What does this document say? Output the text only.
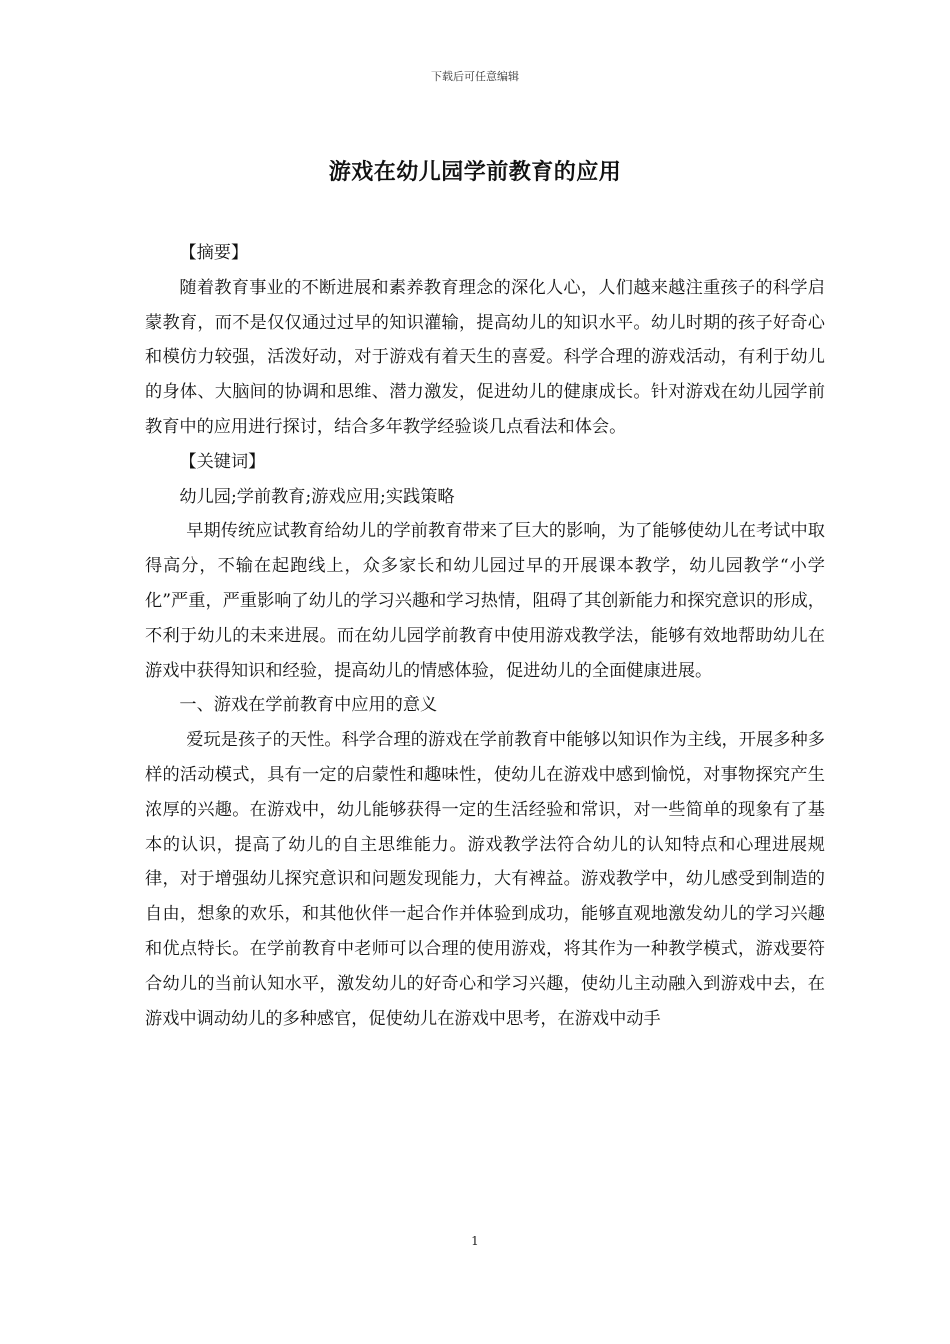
下载后可任意编辑
游戏在幼儿园学前教育的应用

【摘要】

随着教育事业的不断进展和素养教育理念的深化人心，人们越来越注重孩子的科学启蒙教育，而不是仅仅通过过早的知识灌输，提高幼儿的知识水平。幼儿时期的孩子好奇心和模仿力较强，活泼好动，对于游戏有着天生的喜爱。科学合理的游戏活动，有利于幼儿的身体、大脑间的协调和思维、潜力激发，促进幼儿的健康成长。针对游戏在幼儿园学前教育中的应用进行探讨，结合多年教学经验谈几点看法和体会。

【关键词】

幼儿园;学前教育;游戏应用;实践策略

早期传统应试教育给幼儿的学前教育带来了巨大的影响，为了能够使幼儿在考试中取得高分，不输在起跑线上，众多家长和幼儿园过早的开展课本教学，幼儿园教学“小学化”严重，严重影响了幼儿的学习兴趣和学习热情，阻碍了其创新能力和探究意识的形成，不利于幼儿的未来进展。而在幼儿园学前教育中使用游戏教学法，能够有效地帮助幼儿在游戏中获得知识和经验，提高幼儿的情感体验，促进幼儿的全面健康进展。

一、游戏在学前教育中应用的意义

爱玩是孩子的天性。科学合理的游戏在学前教育中能够以知识作为主线，开展多种多样的活动模式，具有一定的启蒙性和趣味性，使幼儿在游戏中感到愉悦，对事物探究产生浓厚的兴趣。在游戏中，幼儿能够获得一定的生活经验和常识，对一些简单的现象有了基本的认识，提高了幼儿的自主思维能力。游戏教学法符合幼儿的认知特点和心理进展规律，对于增强幼儿探究意识和问题发现能力，大有裨益。游戏教学中，幼儿感受到制造的自由，想象的欢乐，和其他伙伴一起合作并体验到成功，能够直观地激发幼儿的学习兴趣和优点特长。在学前教育中老师可以合理的使用游戏，将其作为一种教学模式，游戏要符合幼儿的当前认知水平，激发幼儿的好奇心和学习兴趣，使幼儿主动融入到游戏中去，在游戏中调动幼儿的多种感官，促使幼儿在游戏中思考，在游戏中动手

1
